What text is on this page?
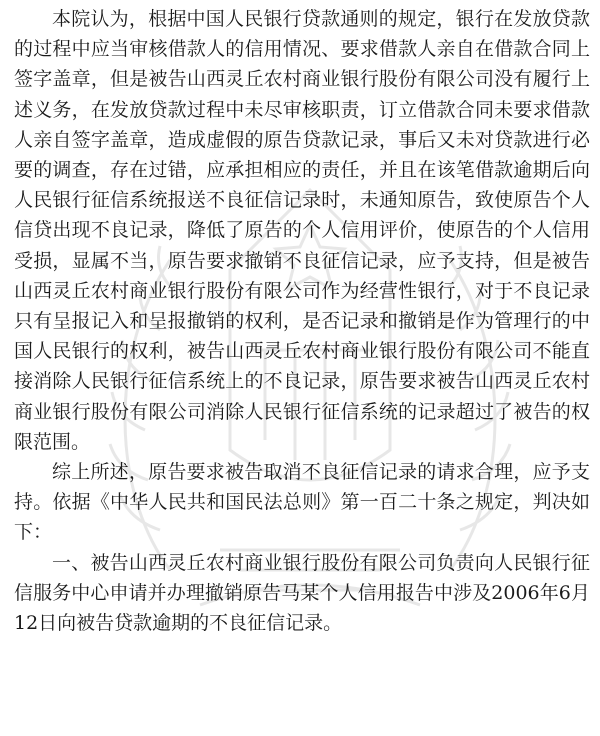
本院认为，根据中国人民银行贷款通则的规定，银行在发放贷款的过程中应当审核借款人的信用情况、要求借款人亲自在借款合同上签字盖章，但是被告山西灵丘农村商业银行股份有限公司没有履行上述义务，在发放贷款过程中未尽审核职责，订立借款合同未要求借款人亲自签字盖章，造成虚假的原告贷款记录，事后又未对贷款进行必要的调查，存在过错，应承担相应的责任，并且在该笔借款逾期后向人民银行征信系统报送不良征信记录时，未通知原告，致使原告个人信贷出现不良记录，降低了原告的个人信用评价，使原告的个人信用受损，显属不当，原告要求撤销不良征信记录，应予支持，但是被告山西灵丘农村商业银行股份有限公司作为经营性银行，对于不良记录只有呈报记入和呈报撤销的权利，是否记录和撤销是作为管理行的中国人民银行的权利，被告山西灵丘农村商业银行股份有限公司不能直接消除人民银行征信系统上的不良记录，原告要求被告山西灵丘农村商业银行股份有限公司消除人民银行征信系统的记录超过了被告的权限范围。

综上所述，原告要求被告取消不良征信记录的请求合理，应予支持。依据《中华人民共和国民法总则》第一百二十条之规定，判决如下：

一、被告山西灵丘农村商业银行股份有限公司负责向人民银行征信服务中心申请并办理撤销原告马某个人信用报告中涉及2006年6月12日向被告贷款逾期的不良征信记录。
